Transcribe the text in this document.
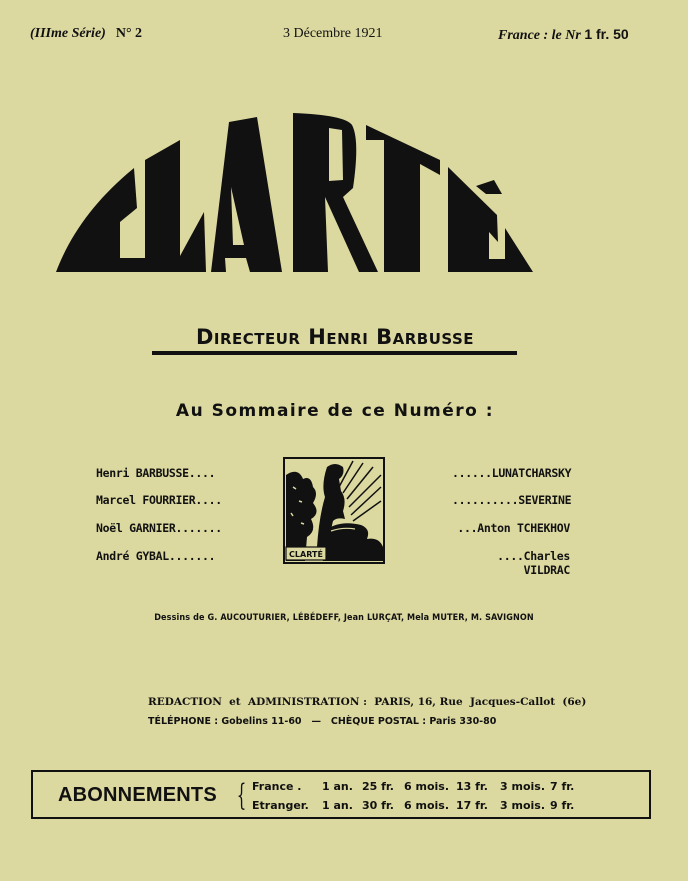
(IIIme Série) N° 2	3 Décembre 1921	France : le Nr 1 fr. 50
Directeur Henri Barbusse
Au Sommaire de ce Numéro :
Henri BARBUSSE....
Marcel FOURRIER....
Noël GARNIER.......
André GYBAL.......
......LUNATCHARSKY
..........SEVERINE
...Anton TCHEKHOV
....Charles VILDRAC
CLARTÉ
Dessins de G. AUCOUTURIER, LÉBÉDEFF, Jean LURÇAT, Mela MUTER, M. SAVIGNON
REDACTION  et  ADMINISTRATION :  PARIS, 16, Rue  Jacques-Callot  (6e)
TÉLÉPHONE : Gobelins 11-60   —   CHÈQUE POSTAL : Paris 330-80
ABONNEMENTS { France .	1 an. 25 fr. 6 mois. 13 fr.	3 mois. 7 fr.
Etranger.	1 an. 30 fr. 6 mois. 17 fr.	3 mois. 9 fr.
